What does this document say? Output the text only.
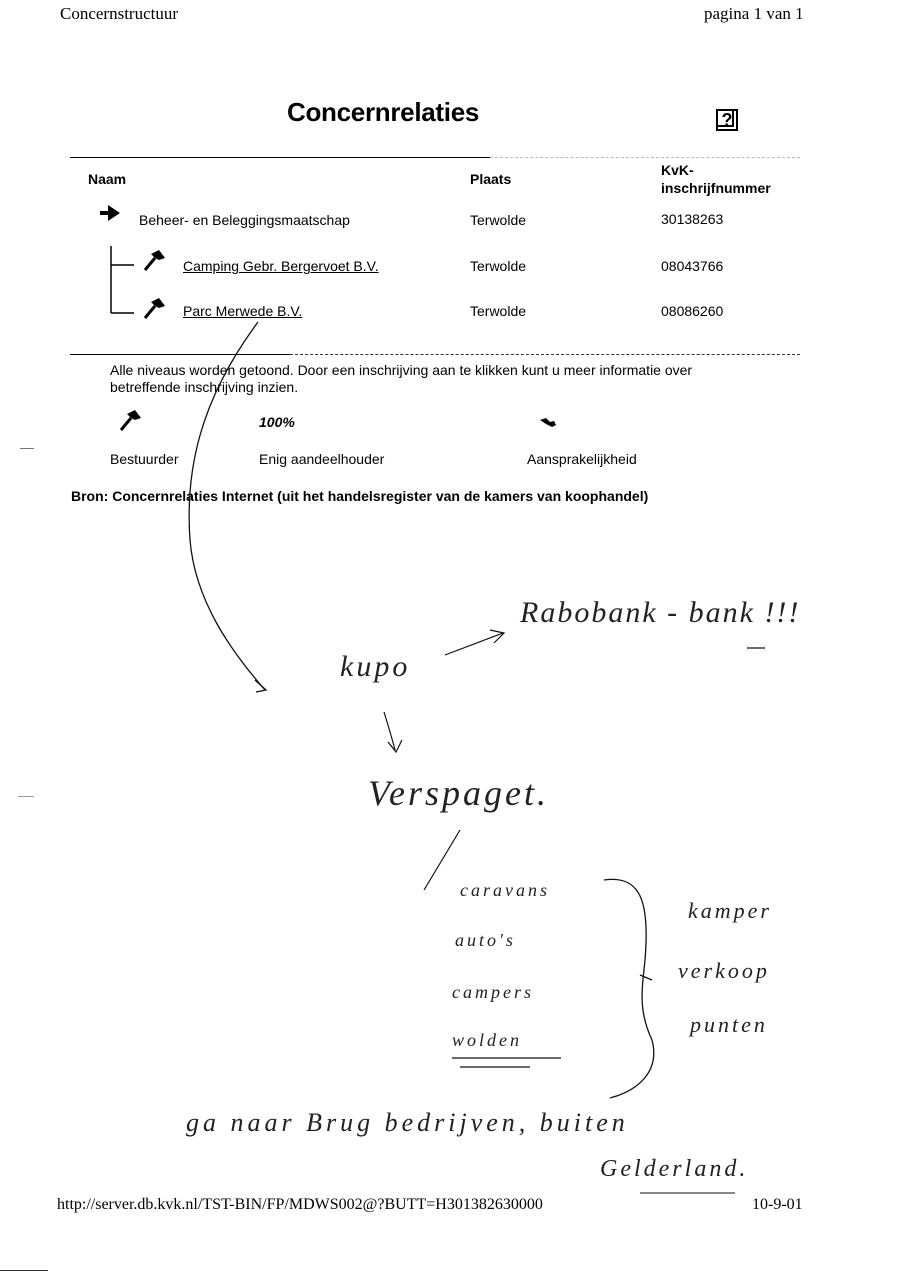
Concernstructuur	pagina 1 van 1
Concernrelaties	?
Naam	Plaats
KvK-
inschrijfnummer
Beheer- en Beleggingsmaatschap	Terwolde	30138263
Camping Gebr. Bergervoet B.V.	Terwolde	08043766
Parc Merwede B.V.	Terwolde	08086260
Alle niveaus worden getoond. Door een inschrijving aan te klikken kunt u meer informatie over
betreffende inschrijving inzien.
100%
Bestuurder	Enig aandeelhouder	Aansprakelijkheid
Bron: Concernrelaties Internet (uit het handelsregister van de kamers van koophandel)
kupo
Rabobank - bank !!!
Verspaget.
caravans
auto's
campers
wolden
kamper
verkoop
punten
ga naar Brug bedrijven, buiten
Gelderland.
http://server.db.kvk.nl/TST-BIN/FP/MDWS002@?BUTT=H301382630000	10-9-01
